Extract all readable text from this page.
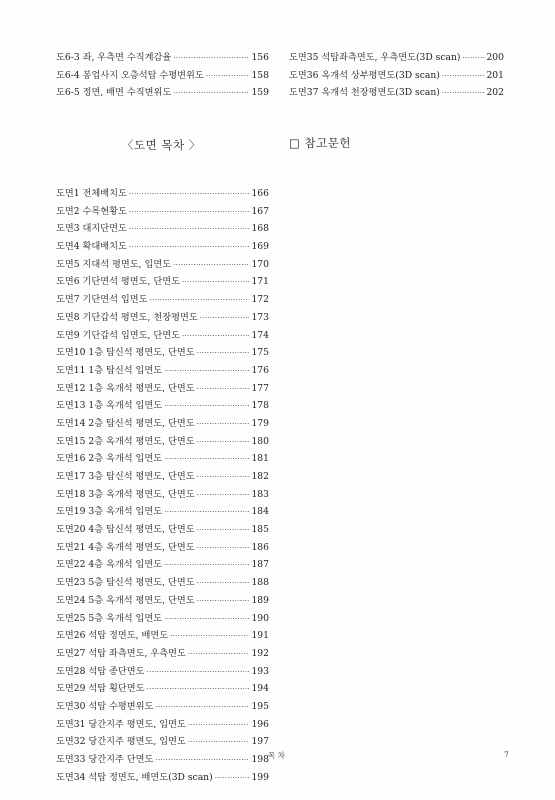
도6-3 좌, 우측면 수직계감율 ·····	156
도6-4 봉업사지 오층석탑 수평변위도 ·····	158
도6-5 정면, 배면 수직변위도 ·····	159
도면35 석탑좌측면도, 우측면도(3D scan) ·····	200
도면36 옥개석 상부평면도(3D scan) ·····	201
도면37 옥개석 천장평면도(3D scan) ·····	202
〈도면 목차 〉	□ 참고문헌
도면1 전체배치도 ·····	166
도면2 수목현황도 ·····	167
도면3 대지단면도 ·····	168
도면4 확대배치도 ·····	169
도면5 지대석 평면도, 입면도 ·····	170
도면6 기단면석 평면도, 단면도 ·····	171
도면7 기단면석 입면도 ·····	172
도면8 기단갑석 평면도, 천장평면도 ·····	173
도면9 기단갑석 입면도, 단면도 ·····	174
도면10 1층 탑신석 평면도, 단면도 ·····	175
도면11 1층 탑신석 입면도 ·····	176
도면12 1층 옥개석 평면도, 단면도 ·····	177
도면13 1층 옥개석 입면도 ·····	178
도면14 2층 탑신석 평면도, 단면도 ·····	179
도면15 2층 옥개석 평면도, 단면도 ·····	180
도면16 2층 옥개석 입면도 ·····	181
도면17 3층 탑신석 평면도, 단면도 ·····	182
도면18 3층 옥개석 평면도, 단면도 ·····	183
도면19 3층 옥개석 입면도 ·····	184
도면20 4층 탑신석 평면도, 단면도 ·····	185
도면21 4층 옥개석 평면도, 단면도 ·····	186
도면22 4층 옥개석 입면도 ·····	187
도면23 5층 탑신석 평면도, 단면도 ·····	188
도면24 5층 옥개석 평면도, 단면도 ·····	189
도면25 5층 옥개석 입면도 ·····	190
도면26 석탑 정면도, 배면도 ·····	191
도면27 석탑 좌측면도, 우측면도 ·····	192
도면28 석탑 종단면도 ·····	193
도면29 석탑 횡단면도 ·····	194
도면30 석탑 수평변위도 ·····	195
도면31 당간지주 평면도, 입면도 ·····	196
도면32 당간지주 평면도, 입면도 ·····	197
도면33 당간지주 단면도 ·····	198
도면34 석탑 정면도, 배면도(3D scan) ·····	199
목 차	7
